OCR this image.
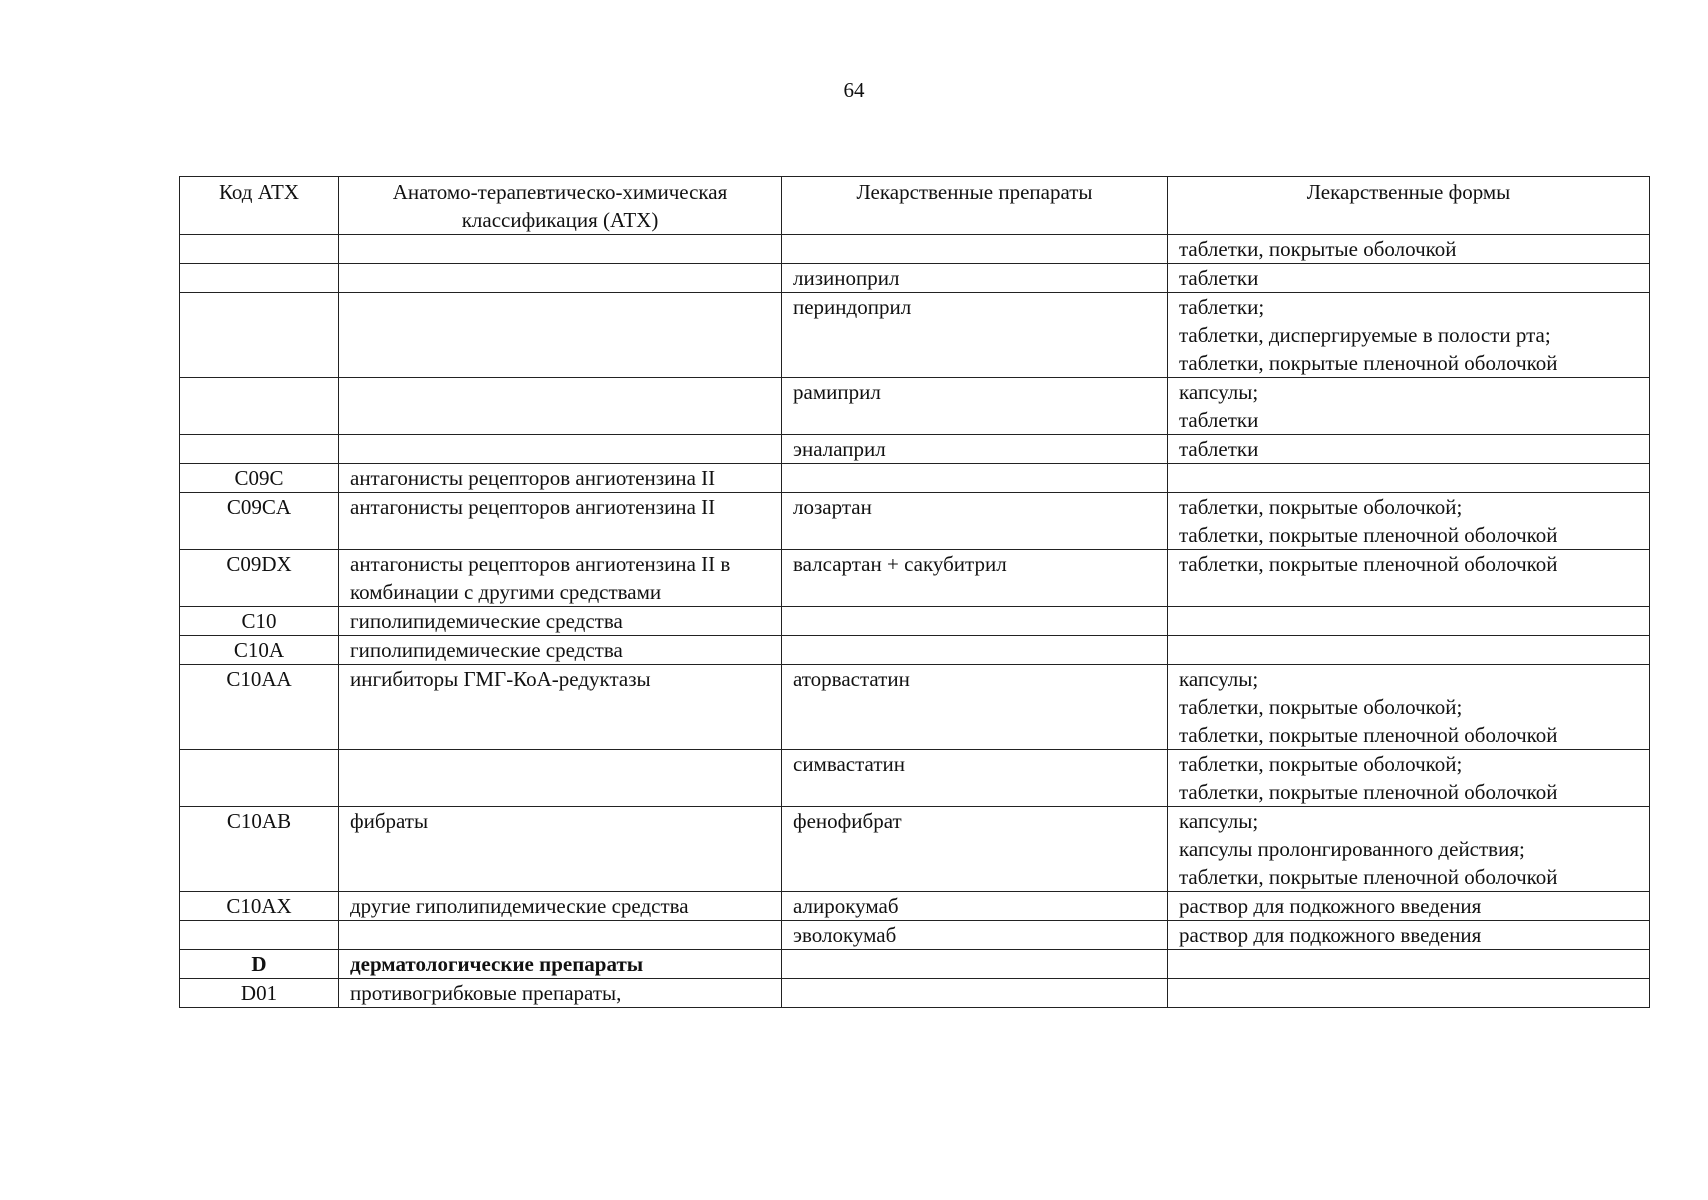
64
Код АТХ	Анатомо-терапевтическо-химическая классификация (АТХ)	Лекарственные препараты	Лекарственные формы

			таблетки, покрытые оболочкой

		лизиноприл	таблетки

		периндоприл	таблетки;
таблетки, диспергируемые в полости рта;
таблетки, покрытые пленочной оболочкой

		рамиприл	капсулы;
таблетки

		эналаприл	таблетки

C09C	антагонисты рецепторов ангиотензина II		
C09CA	антагонисты рецепторов ангиотензина II	лозартан	таблетки, покрытые оболочкой;
таблетки, покрытые пленочной оболочкой

C09DX	антагонисты рецепторов ангиотензина II в комбинации с другими средствами	валсартан + сакубитрил	таблетки, покрытые пленочной оболочкой

C10	гиполипидемические средства		
C10A	гиполипидемические средства		
C10AA	ингибиторы ГМГ-КоА-редуктазы	аторвастатин	капсулы;
таблетки, покрытые оболочкой;
таблетки, покрытые пленочной оболочкой

		симвастатин	таблетки, покрытые оболочкой;
таблетки, покрытые пленочной оболочкой

C10AB	фибраты	фенофибрат	капсулы;
капсулы пролонгированного действия;
таблетки, покрытые пленочной оболочкой

C10AX	другие гиполипидемические средства	алирокумаб	раствор для подкожного введения

		эволокумаб	раствор для подкожного введения

D	дерматологические препараты		
D01	противогрибковые препараты,		
